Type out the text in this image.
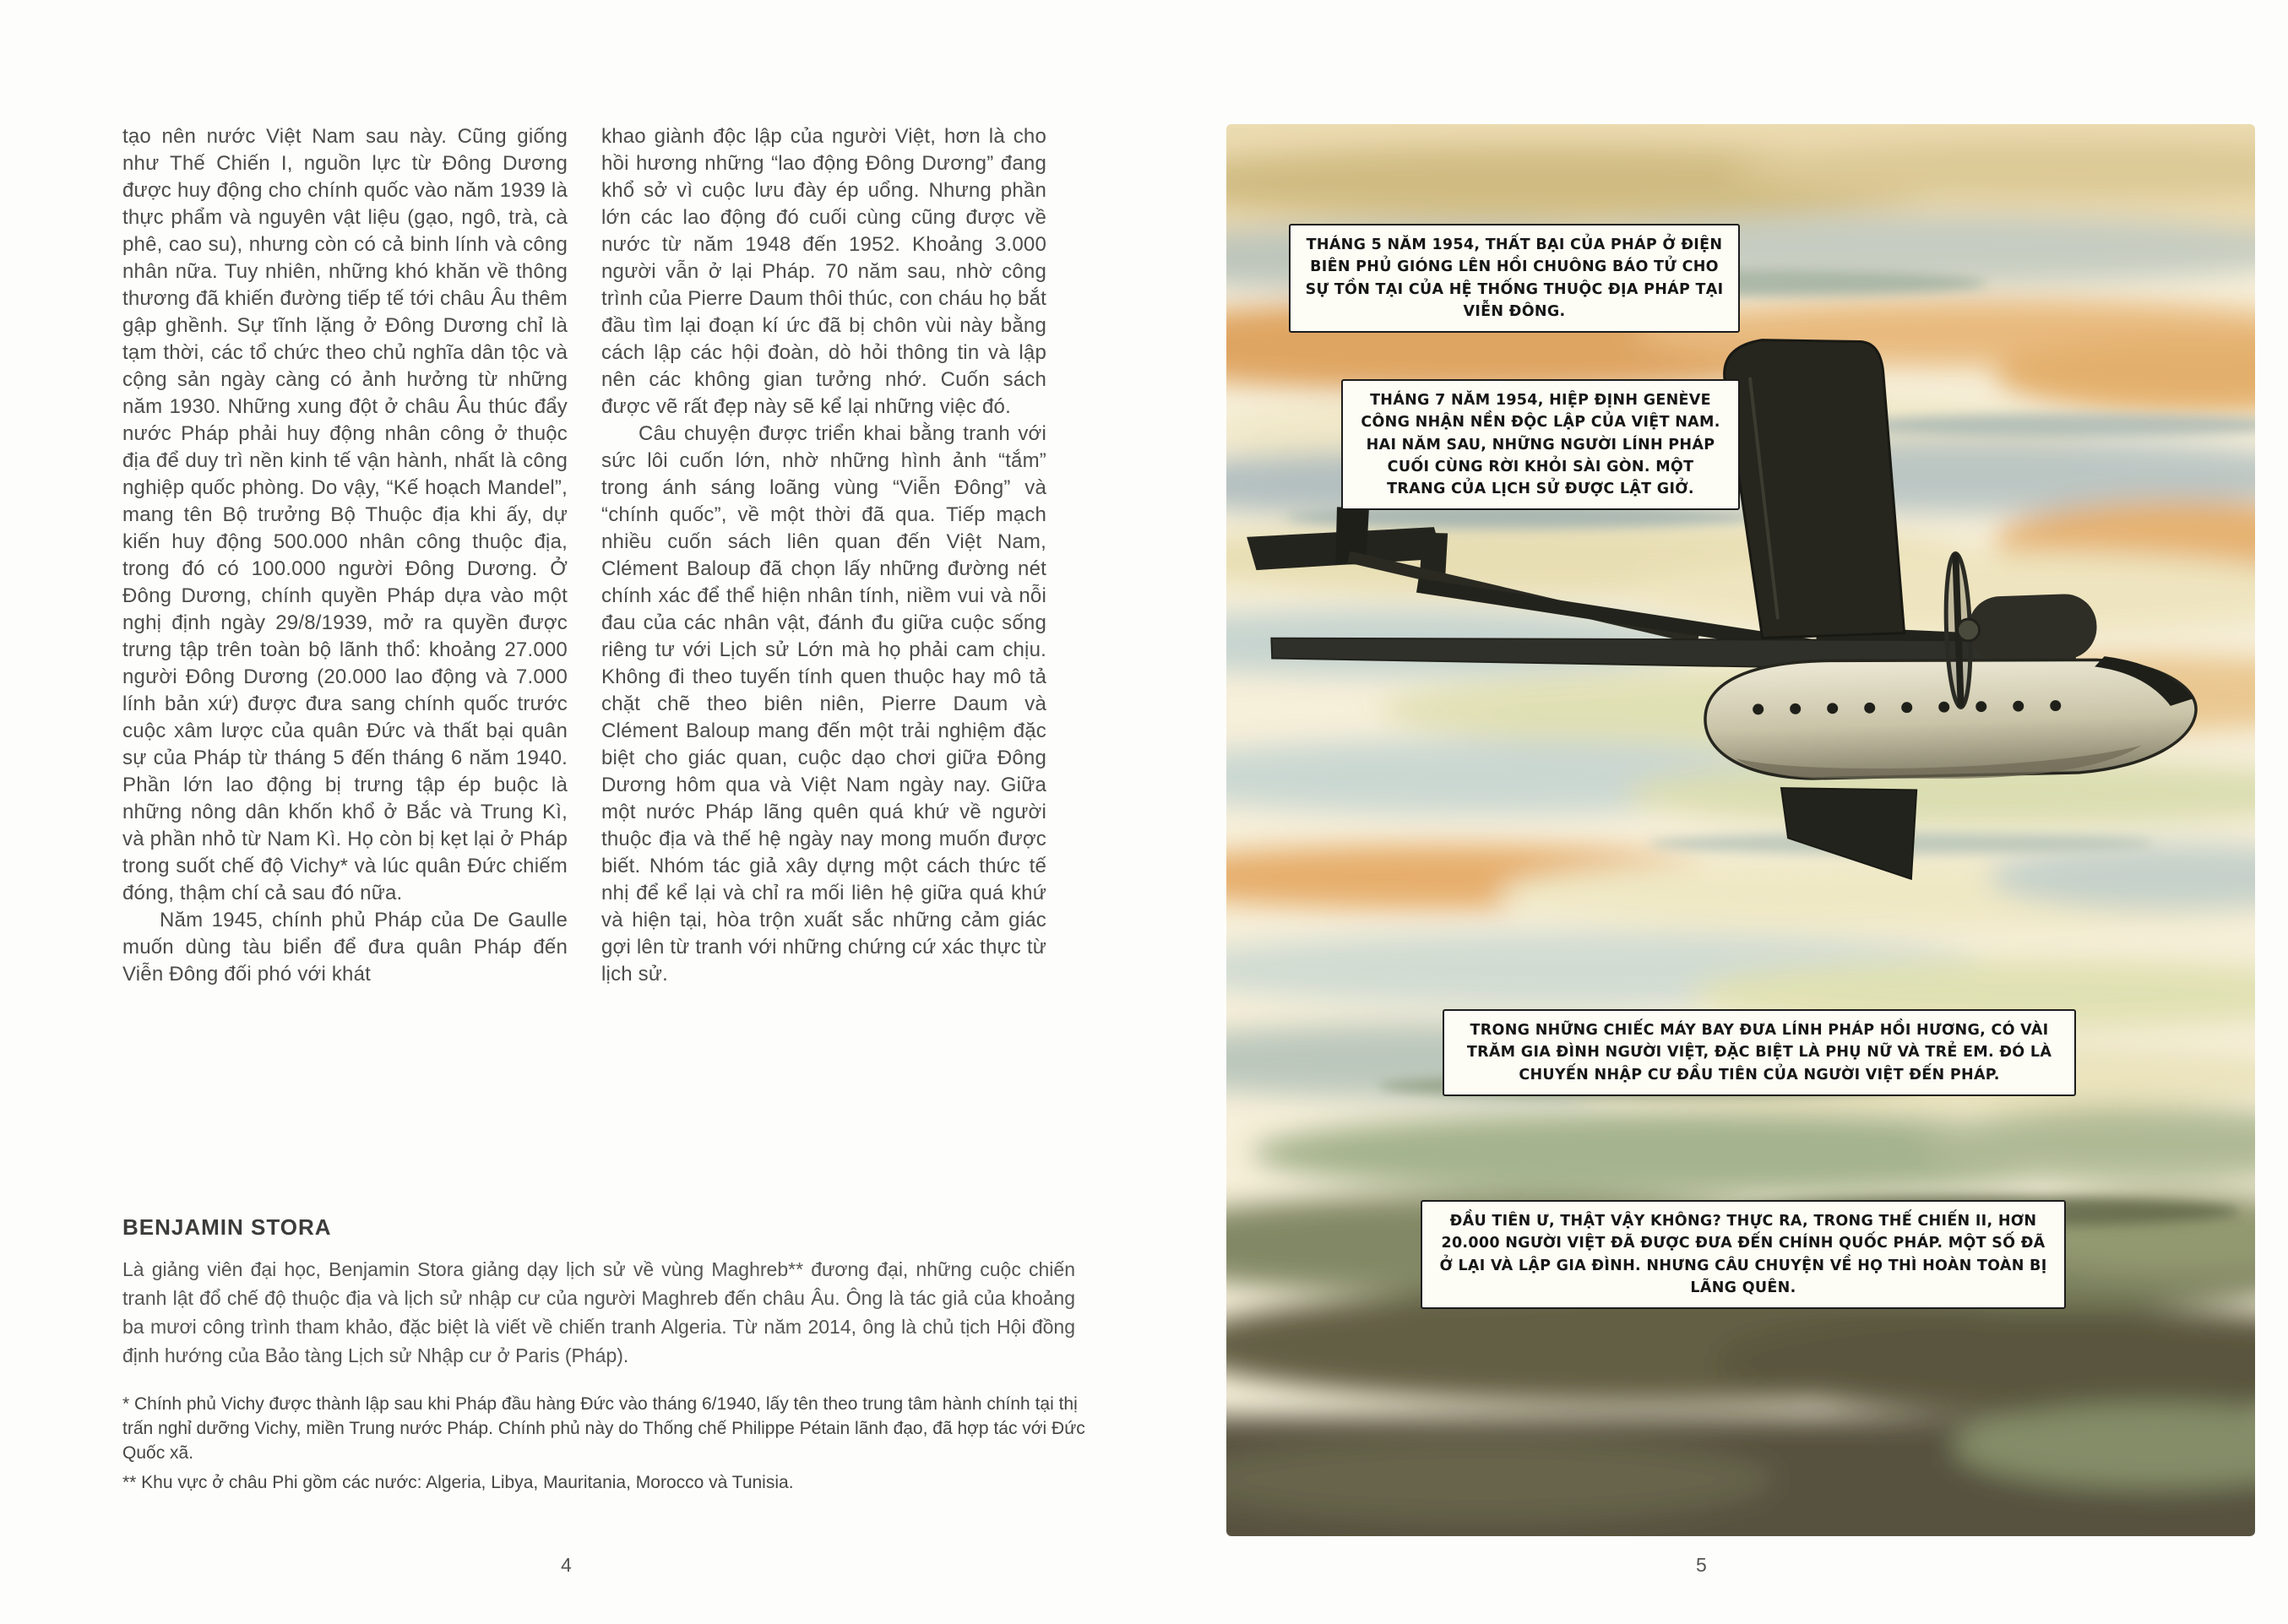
tạo nên nước Việt Nam sau này. Cũng giống như Thế Chiến I, nguồn lực từ Đông Dương được huy động cho chính quốc vào năm 1939 là thực phẩm và nguyên vật liệu (gạo, ngô, trà, cà phê, cao su), nhưng còn có cả binh lính và công nhân nữa. Tuy nhiên, những khó khăn về thông thương đã khiến đường tiếp tế tới châu Âu thêm gập ghềnh. Sự tĩnh lặng ở Đông Dương chỉ là tạm thời, các tổ chức theo chủ nghĩa dân tộc và cộng sản ngày càng có ảnh hưởng từ những năm 1930. Những xung đột ở châu Âu thúc đẩy nước Pháp phải huy động nhân công ở thuộc địa để duy trì nền kinh tế vận hành, nhất là công nghiệp quốc phòng. Do vậy, “Kế hoạch Mandel”, mang tên Bộ trưởng Bộ Thuộc địa khi ấy, dự kiến huy động 500.000 nhân công thuộc địa, trong đó có 100.000 người Đông Dương. Ở Đông Dương, chính quyền Pháp dựa vào một nghị định ngày 29/8/1939, mở ra quyền được trưng tập trên toàn bộ lãnh thổ: khoảng 27.000 người Đông Dương (20.000 lao động và 7.000 lính bản xứ) được đưa sang chính quốc trước cuộc xâm lược của quân Đức và thất bại quân sự của Pháp từ tháng 5 đến tháng 6 năm 1940. Phần lớn lao động bị trưng tập ép buộc là những nông dân khốn khổ ở Bắc và Trung Kì, và phần nhỏ từ Nam Kì. Họ còn bị kẹt lại ở Pháp trong suốt chế độ Vichy* và lúc quân Đức chiếm đóng, thậm chí cả sau đó nữa.

Năm 1945, chính phủ Pháp của De Gaulle muốn dùng tàu biển để đưa quân Pháp đến Viễn Đông đối phó với khát

khao giành độc lập của người Việt, hơn là cho hồi hương những “lao động Đông Dương” đang khổ sở vì cuộc lưu đày ép uổng. Nhưng phần lớn các lao động đó cuối cùng cũng được về nước từ năm 1948 đến 1952. Khoảng 3.000 người vẫn ở lại Pháp. 70 năm sau, nhờ công trình của Pierre Daum thôi thúc, con cháu họ bắt đầu tìm lại đoạn kí ức đã bị chôn vùi này bằng cách lập các hội đoàn, dò hỏi thông tin và lập nên các không gian tưởng nhớ. Cuốn sách được vẽ rất đẹp này sẽ kể lại những việc đó.

Câu chuyện được triển khai bằng tranh với sức lôi cuốn lớn, nhờ những hình ảnh “tắm” trong ánh sáng loãng vùng “Viễn Đông” và “chính quốc”, về một thời đã qua. Tiếp mạch nhiều cuốn sách liên quan đến Việt Nam, Clément Baloup đã chọn lấy những đường nét chính xác để thể hiện nhân tính, niềm vui và nỗi đau của các nhân vật, đánh đu giữa cuộc sống riêng tư với Lịch sử Lớn mà họ phải cam chịu. Không đi theo tuyến tính quen thuộc hay mô tả chặt chẽ theo biên niên, Pierre Daum và Clément Baloup mang đến một trải nghiệm đặc biệt cho giác quan, cuộc dạo chơi giữa Đông Dương hôm qua và Việt Nam ngày nay. Giữa một nước Pháp lãng quên quá khứ về người thuộc địa và thế hệ ngày nay mong muốn được biết. Nhóm tác giả xây dựng một cách thức tế nhị để kể lại và chỉ ra mối liên hệ giữa quá khứ và hiện tại, hòa trộn xuất sắc những cảm giác gợi lên từ tranh với những chứng cứ xác thực từ lịch sử.

BENJAMIN STORA

Là giảng viên đại học, Benjamin Stora giảng dạy lịch sử về vùng Maghreb** đương đại, những cuộc chiến tranh lật đổ chế độ thuộc địa và lịch sử nhập cư của người Maghreb đến châu Âu. Ông là tác giả của khoảng ba mươi công trình tham khảo, đặc biệt là viết về chiến tranh Algeria. Từ năm 2014, ông là chủ tịch Hội đồng định hướng của Bảo tàng Lịch sử Nhập cư ở Paris (Pháp).

* Chính phủ Vichy được thành lập sau khi Pháp đầu hàng Đức vào tháng 6/1940, lấy tên theo trung tâm hành chính tại thị trấn nghỉ dưỡng Vichy, miền Trung nước Pháp. Chính phủ này do Thống chế Philippe Pétain lãnh đạo, đã hợp tác với Đức Quốc xã.

** Khu vực ở châu Phi gồm các nước: Algeria, Libya, Mauritania, Morocco và Tunisia.

4
THÁNG 5 NĂM 1954, THẤT BẠI CỦA PHÁP Ở ĐIỆN BIÊN PHỦ GIÓNG LÊN HỒI CHUÔNG BÁO TỬ CHO SỰ TỒN TẠI CỦA HỆ THỐNG THUỘC ĐỊA PHÁP TẠI VIỄN ĐÔNG.
THÁNG 7 NĂM 1954, HIỆP ĐỊNH GENÈVE CÔNG NHẬN NỀN ĐỘC LẬP CỦA VIỆT NAM. HAI NĂM SAU, NHỮNG NGƯỜI LÍNH PHÁP CUỐI CÙNG RỜI KHỎI SÀI GÒN. MỘT TRANG CỦA LỊCH SỬ ĐƯỢC LẬT GIỞ.
TRONG NHỮNG CHIẾC MÁY BAY ĐƯA LÍNH PHÁP HỒI HƯƠNG, CÓ VÀI TRĂM GIA ĐÌNH NGƯỜI VIỆT, ĐẶC BIỆT LÀ PHỤ NỮ VÀ TRẺ EM. ĐÓ LÀ CHUYẾN NHẬP CƯ ĐẦU TIÊN CỦA NGƯỜI VIỆT ĐẾN PHÁP.
ĐẦU TIÊN Ư, THẬT VẬY KHÔNG? THỰC RA, TRONG THẾ CHIẾN II, HƠN 20.000 NGƯỜI VIỆT ĐÃ ĐƯỢC ĐƯA ĐẾN CHÍNH QUỐC PHÁP. MỘT SỐ ĐÃ Ở LẠI VÀ LẬP GIA ĐÌNH. NHƯNG CÂU CHUYỆN VỀ HỌ THÌ HOÀN TOÀN BỊ LÃNG QUÊN.
5
